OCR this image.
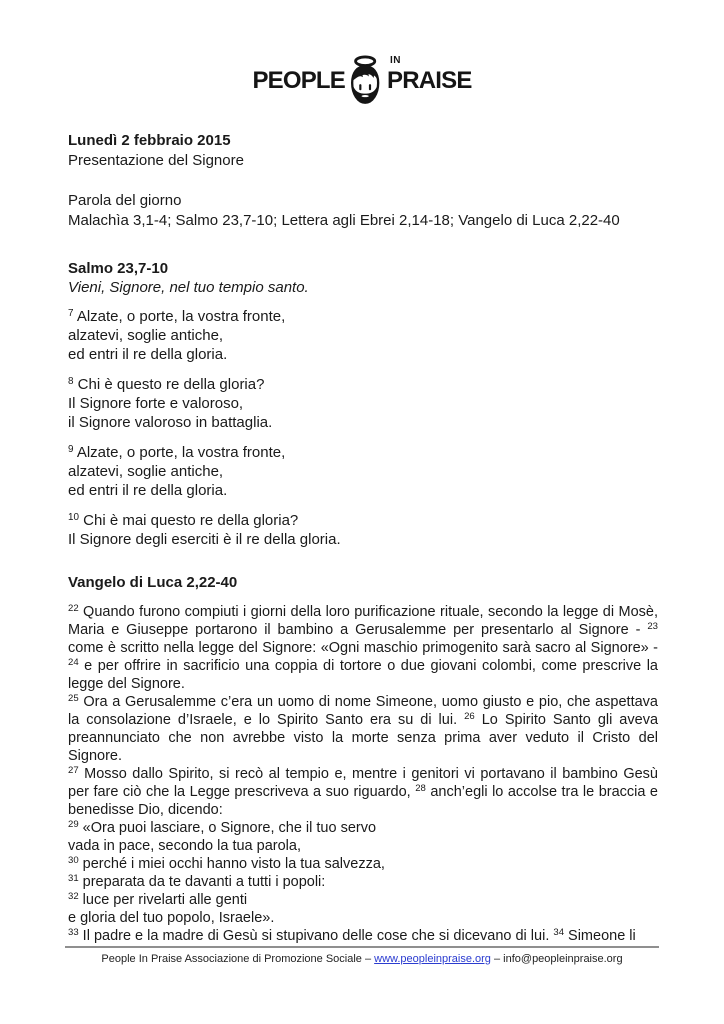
PEOPLE
IN
PRAISE
Lunedì 2 febbraio 2015
Presentazione del Signore
Parola del giorno
Malachìa 3,1-4; Salmo 23,7-10; Lettera agli Ebrei 2,14-18; Vangelo di Luca 2,22-40
Salmo 23,7-10
Vieni, Signore, nel tuo tempio santo.
$^7$ Alzate, o porte, la vostra fronte,
alzatevi, soglie antiche,
ed entri il re della gloria.
$^8$ Chi è questo re della gloria?
Il Signore forte e valoroso,
il Signore valoroso in battaglia.
$^9$ Alzate, o porte, la vostra fronte,
alzatevi, soglie antiche,
ed entri il re della gloria.
$^{10}$ Chi è mai questo re della gloria?
Il Signore degli eserciti è il re della gloria.
Vangelo di Luca 2,22-40
$^{22}$ Quando furono compiuti i giorni della loro purificazione rituale, secondo la legge di Mosè, Maria e Giuseppe portarono il bambino a Gerusalemme per presentarlo al Signore - $^{23}$ come è scritto nella legge del Signore: «Ogni maschio primogenito sarà sacro al Signore» - $^{24}$ e per offrire in sacrificio una coppia di tortore o due giovani colombi, come prescrive la legge del Signore.
$^{25}$ Ora a Gerusalemme c’era un uomo di nome Simeone, uomo giusto e pio, che aspettava la consolazione d’Israele, e lo Spirito Santo era su di lui. $^{26}$ Lo Spirito Santo gli aveva preannunciato che non avrebbe visto la morte senza prima aver veduto il Cristo del Signore.
$^{27}$ Mosso dallo Spirito, si recò al tempio e, mentre i genitori vi portavano il bambino Gesù per fare ciò che la Legge prescriveva a suo riguardo, $^{28}$ anch’egli lo accolse tra le braccia e benedisse Dio, dicendo:
$^{29}$ «Ora puoi lasciare, o Signore, che il tuo servo
vada in pace, secondo la tua parola,
$^{30}$ perché i miei occhi hanno visto la tua salvezza,
$^{31}$ preparata da te davanti a tutti i popoli:
$^{32}$ luce per rivelarti alle genti
e gloria del tuo popolo, Israele».
$^{33}$ Il padre e la madre di Gesù si stupivano delle cose che si dicevano di lui. $^{34}$ Simeone li
People In Praise Associazione di Promozione Sociale – www.peopleinpraise.org – info@peopleinpraise.org
